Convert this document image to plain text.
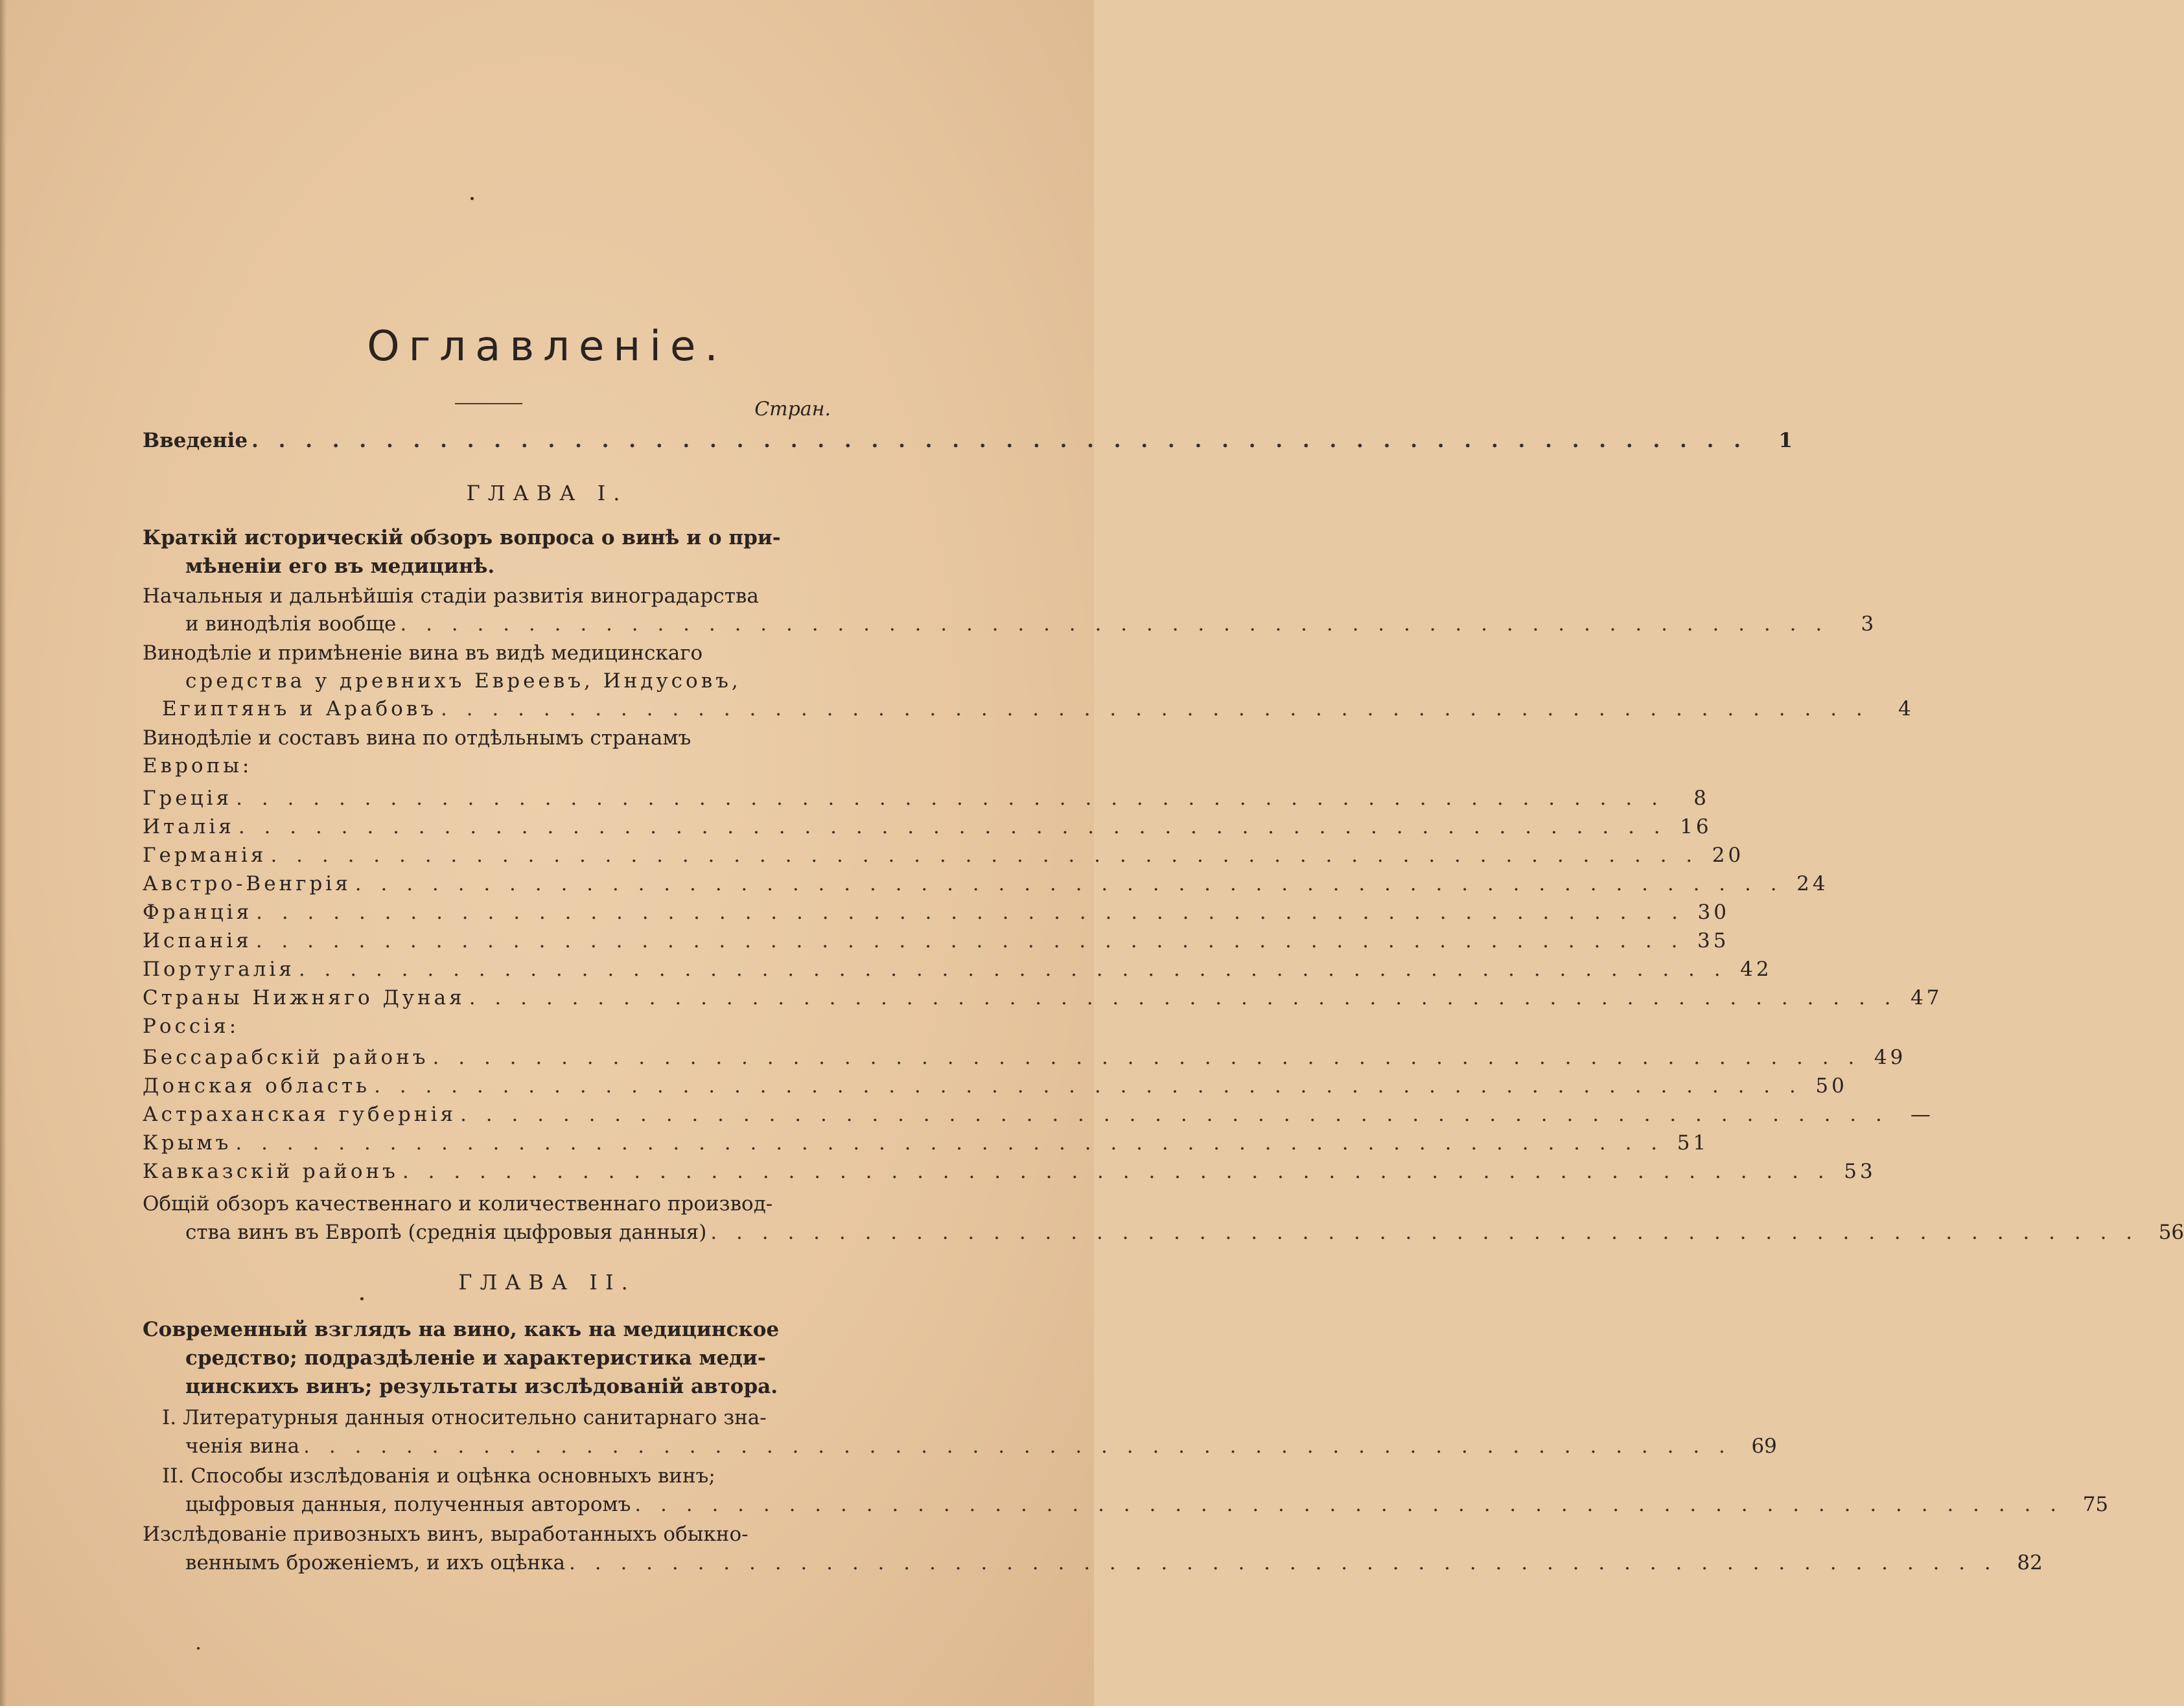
Оглавленіе.
Стран.
Введеніе . . . . . . . . . . . . . . . . . . . . . . . . . . . . . . . . . . . . . . . . . . . . . . . . . . . . . . . .	1
ГЛАВА I.
Краткій историческій обзоръ вопроса о винѣ и о при-
мѣненіи его въ медицинѣ.
Начальныя и дальнѣйшія стадіи развитія виноградарства
и винодѣлія вообще . . . . . . . . . . . . . . . . . . . . . . . . . . . . . . . . . . . . . . . . . . . . . . . . . . . . . . . .	3
Винодѣліе и примѣненіе вина въ видѣ медицинскаго
средства у древнихъ Евреевъ, Индусовъ,
Египтянъ и Арабовъ . . . . . . . . . . . . . . . . . . . . . . . . . . . . . . . . . . . . . . . . . . . . . . . . . . . . . . . .	4
Винодѣліе и составъ вина по отдѣльнымъ странамъ
Европы:
Греція . . . . . . . . . . . . . . . . . . . . . . . . . . . . . . . . . . . . . . . . . . . . . . . . . . . . . . . .	8
Италія . . . . . . . . . . . . . . . . . . . . . . . . . . . . . . . . . . . . . . . . . . . . . . . . . . . . . . . . 16
Германія . . . . . . . . . . . . . . . . . . . . . . . . . . . . . . . . . . . . . . . . . . . . . . . . . . . . . . . . 20
Австро-Венгрія . . . . . . . . . . . . . . . . . . . . . . . . . . . . . . . . . . . . . . . . . . . . . . . . . . . . . . . . 24
Франція . . . . . . . . . . . . . . . . . . . . . . . . . . . . . . . . . . . . . . . . . . . . . . . . . . . . . . . . 30
Испанія . . . . . . . . . . . . . . . . . . . . . . . . . . . . . . . . . . . . . . . . . . . . . . . . . . . . . . . . 35
Португалія . . . . . . . . . . . . . . . . . . . . . . . . . . . . . . . . . . . . . . . . . . . . . . . . . . . . . . . . 42
Страны Нижняго Дуная . . . . . . . . . . . . . . . . . . . . . . . . . . . . . . . . . . . . . . . . . . . . . . . . . . . . . . . . 47
Россія:
Бессарабскій районъ . . . . . . . . . . . . . . . . . . . . . . . . . . . . . . . . . . . . . . . . . . . . . . . . . . . . . . . . 49
Донская область . . . . . . . . . . . . . . . . . . . . . . . . . . . . . . . . . . . . . . . . . . . . . . . . . . . . . . . . 50
Астраханская губернія . . . . . . . . . . . . . . . . . . . . . . . . . . . . . . . . . . . . . . . . . . . . . . . . . . . . . . . .	—
Крымъ . . . . . . . . . . . . . . . . . . . . . . . . . . . . . . . . . . . . . . . . . . . . . . . . . . . . . . . . 51
Кавказскій районъ . . . . . . . . . . . . . . . . . . . . . . . . . . . . . . . . . . . . . . . . . . . . . . . . . . . . . . . . 53
Общій обзоръ качественнаго и количественнаго производ-
ства винъ въ Европѣ (среднія цыфровыя данныя) . . . . . . . . . . . . . . . . . . . . . . . . . . . . . . . . . . . . . . . . . . . . . . . . . . . . . . . . 56
ГЛАВА II.
Современный взглядъ на вино, какъ на медицинское
средство; подраздѣленіе и характеристика меди-
цинскихъ винъ; результаты изслѣдованій автора.
I. Литературныя данныя относительно санитарнаго зна-
ченія вина . . . . . . . . . . . . . . . . . . . . . . . . . . . . . . . . . . . . . . . . . . . . . . . . . . . . . . . . 69
II. Способы изслѣдованія и оцѣнка основныхъ винъ;
цыфровыя данныя, полученныя авторомъ . . . . . . . . . . . . . . . . . . . . . . . . . . . . . . . . . . . . . . . . . . . . . . . . . . . . . . . . 75
Изслѣдованіе привозныхъ винъ, выработанныхъ обыкно-
веннымъ броженіемъ, и ихъ оцѣнка . . . . . . . . . . . . . . . . . . . . . . . . . . . . . . . . . . . . . . . . . . . . . . . . . . . . . . . . 82
